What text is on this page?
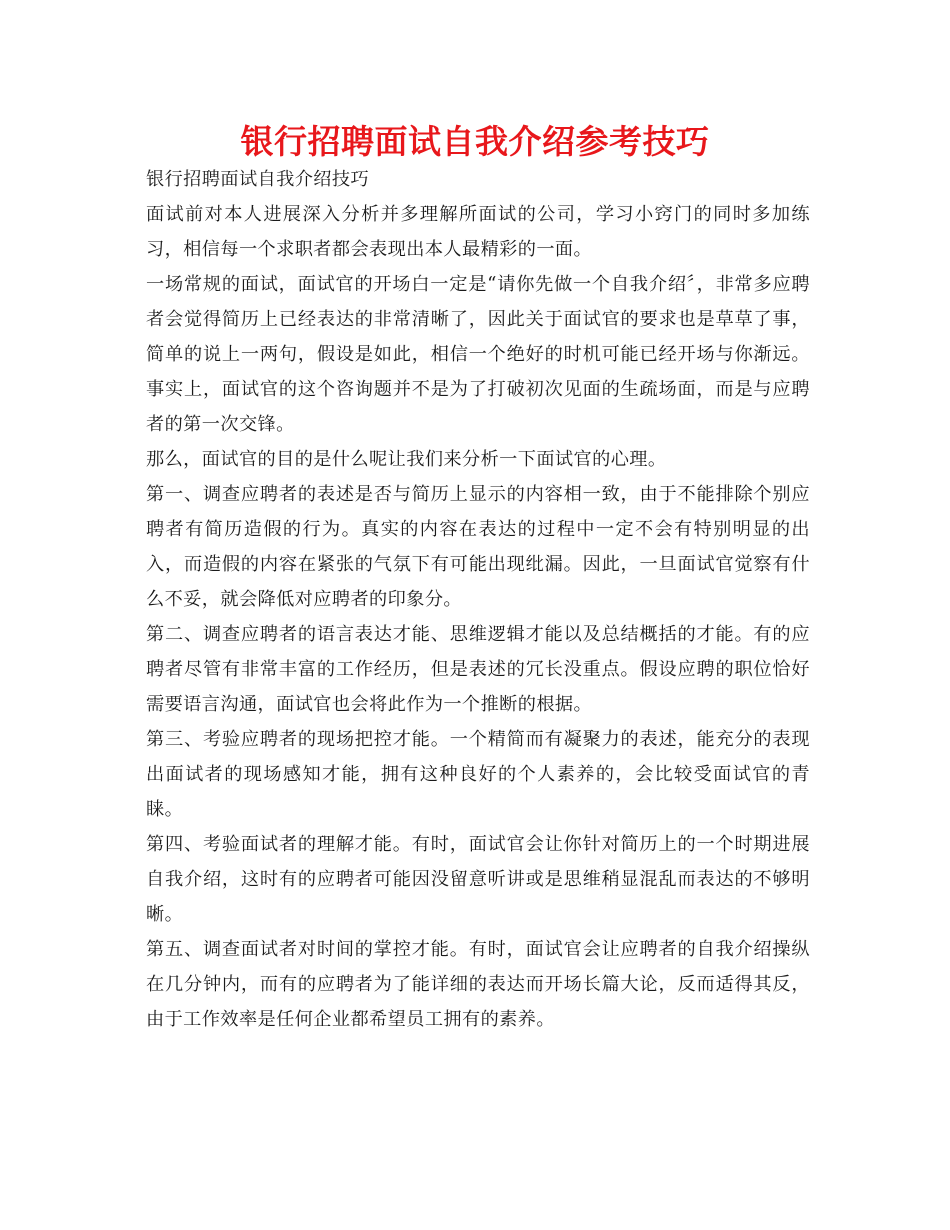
银行招聘面试自我介绍参考技巧

银行招聘面试自我介绍技巧

面试前对本人进展深入分析并多理解所面试的公司，学习小窍门的同时多加练习，相信每一个求职者都会表现出本人最精彩的一面。

一场常规的面试，面试官的开场白一定是“请你先做一个自我介绍〞，非常多应聘者会觉得简历上已经表达的非常清晰了，因此关于面试官的要求也是草草了事，简单的说上一两句，假设是如此，相信一个绝好的时机可能已经开场与你渐远。事实上，面试官的这个咨询题并不是为了打破初次见面的生疏场面，而是与应聘者的第一次交锋。

那么，面试官的目的是什么呢让我们来分析一下面试官的心理。

第一、调查应聘者的表述是否与简历上显示的内容相一致，由于不能排除个别应聘者有简历造假的行为。真实的内容在表达的过程中一定不会有特别明显的出入，而造假的内容在紧张的气氛下有可能出现纰漏。因此，一旦面试官觉察有什么不妥，就会降低对应聘者的印象分。

第二、调查应聘者的语言表达才能、思维逻辑才能以及总结概括的才能。有的应聘者尽管有非常丰富的工作经历，但是表述的冗长没重点。假设应聘的职位恰好需要语言沟通，面试官也会将此作为一个推断的根据。

第三、考验应聘者的现场把控才能。一个精简而有凝聚力的表述，能充分的表现出面试者的现场感知才能，拥有这种良好的个人素养的，会比较受面试官的青睐。

第四、考验面试者的理解才能。有时，面试官会让你针对简历上的一个时期进展自我介绍，这时有的应聘者可能因没留意听讲或是思维稍显混乱而表达的不够明晰。

第五、调查面试者对时间的掌控才能。有时，面试官会让应聘者的自我介绍操纵在几分钟内，而有的应聘者为了能详细的表达而开场长篇大论，反而适得其反，由于工作效率是任何企业都希望员工拥有的素养。
